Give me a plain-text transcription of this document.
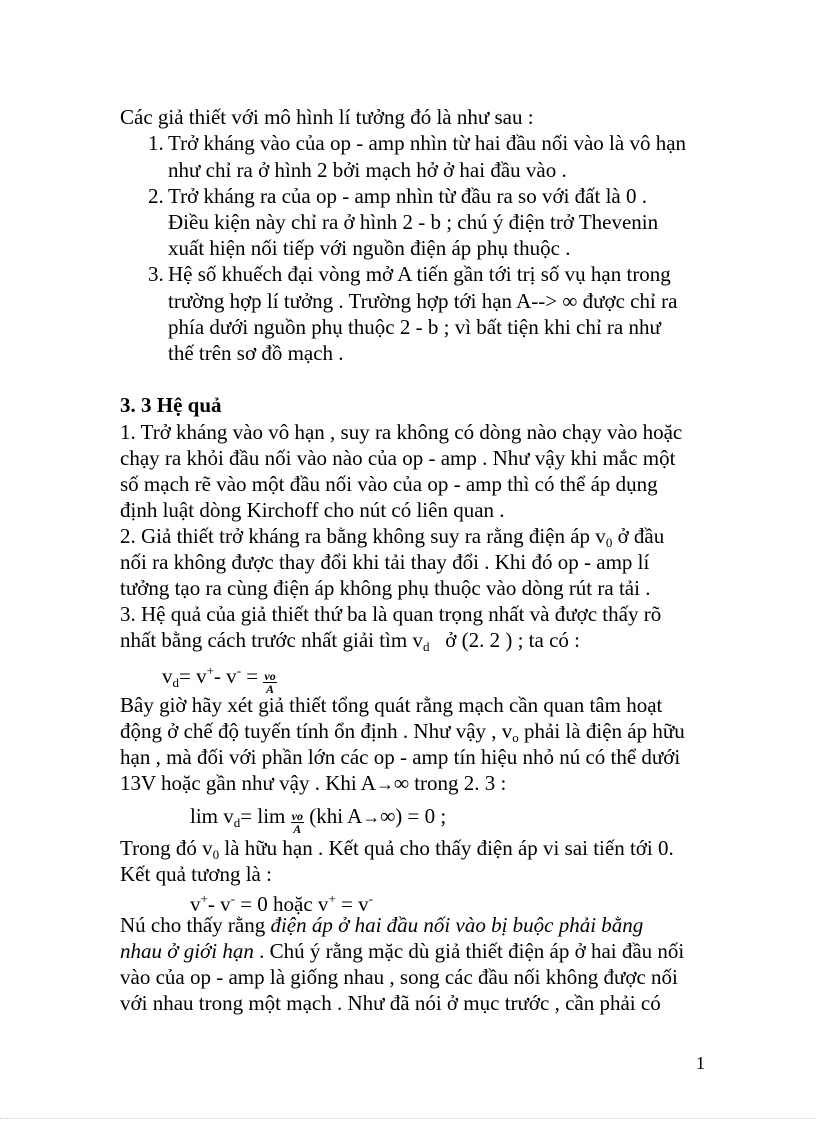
Các giả thiết với mô hình lí tưởng đó là như sau :
1. Trở kháng vào của op - amp nhìn từ hai đầu nối vào là vô hạn
như chỉ ra ở hình 2 bởi mạch hở ở hai đầu vào .
2. Trở kháng ra của op - amp nhìn từ đầu ra so với đất là 0 .
Điều kiện này chỉ ra ở hình 2 - b ; chú ý điện trở Thevenin
xuất hiện nối tiếp với nguồn điện áp phụ thuộc .
3. Hệ số khuếch đại vòng mở A tiến gần tới trị số vụ hạn trong
trường hợp lí tưởng . Trường hợp tới hạn A--> ∞ được chỉ ra
phía dưới nguồn phụ thuộc 2 - b ; vì bất tiện khi chỉ ra như
thế trên sơ đồ mạch .
3. 3 Hệ quả
1. Trở kháng vào vô hạn , suy ra không có dòng nào chạy vào hoặc
chạy ra khỏi đầu nối vào nào của op - amp . Như vậy khi mắc một
số mạch rẽ vào một đầu nối vào của op - amp thì có thể áp dụng
định luật dòng Kirchoff cho nút có liên quan .
2. Giả thiết trở kháng ra bằng không suy ra rằng điện áp $v_0$ ở đầu
nối ra không được thay đổi khi tải thay đổi . Khi đó op - amp lí
tưởng tạo ra cùng điện áp không phụ thuộc vào dòng rút ra tải .
3. Hệ quả của giả thiết thứ ba là quan trọng nhất và được thấy rõ
nhất bằng cách trước nhất giải tìm $v_d$   ở (2. 2 ) ; ta có :
$v_d= v^+-$ $v^- = \frac{vo}{A}$
Bây giờ hãy xét giả thiết tổng quát rằng mạch cần quan tâm hoạt
động ở chế độ tuyến tính ổn định . Như vậy , $v_o$ phải là điện áp hữu
hạn , mà đối với phần lớn các op - amp tín hiệu nhỏ nú có thể dưới
13V hoặc gần như vậy . Khi A→∞ trong 2. 3 :
$\lim v_d= \lim \frac{vo}{A} (khi$ A→∞) = 0 ;
Trong đó $v_0$ là hữu hạn . Kết quả cho thấy điện áp vi sai tiến tới 0.
Kết quả tương là :
v+- v- = 0 hoặc v+ = v-
Nú cho thấy rằng điện áp ở hai đầu nối vào bị buộc phải bằng
nhau ở giới hạn . Chú ý rằng mặc dù giả thiết điện áp ở hai đầu nối
vào của op - amp là giống nhau , song các đầu nối không được nối
với nhau trong một mạch . Như đã nói ở mục trước , cần phải có
1
